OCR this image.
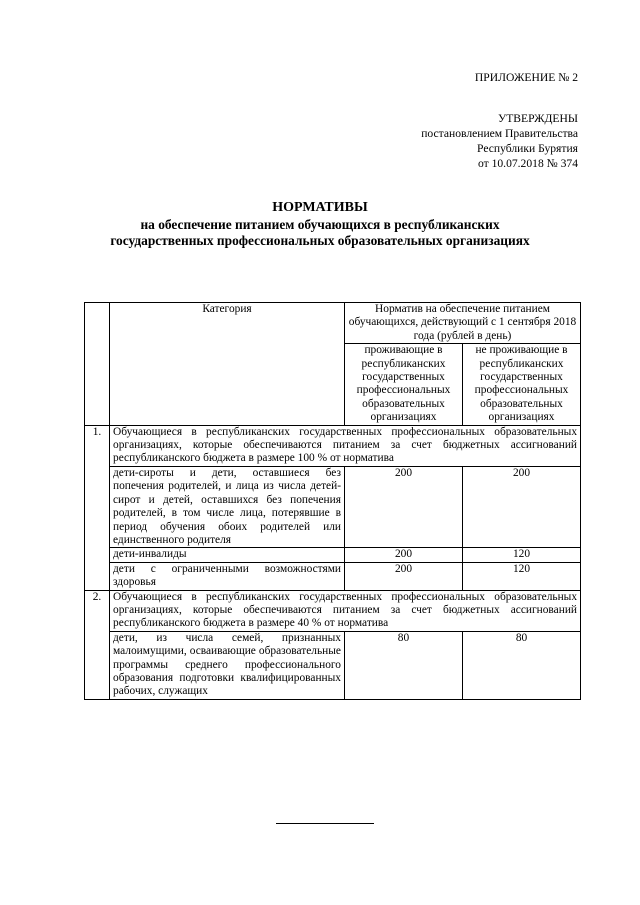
ПРИЛОЖЕНИЕ № 2
УТВЕРЖДЕНЫ
постановлением Правительства
Республики Бурятия
от 10.07.2018 № 374
НОРМАТИВЫ
на обеспечение питанием обучающихся в республиканских государственных профессиональных образовательных организациях
	Категория	Норматив на обеспечение питанием обучающихся, действующий с 1 сентября 2018 года (рублей в день)	
		проживающие в республиканских государственных профессиональных образовательных организациях	не проживающие в республиканских государственных профессиональных образовательных организациях
1.	Обучающиеся в республиканских государственных профессиональных образовательных организациях, которые обеспечиваются питанием за счет бюджетных ассигнований республиканского бюджета в размере 100 % от норматива		
	дети-сироты и дети, оставшиеся без попечения родителей, и лица из числа детей-сирот и детей, оставшихся без попечения родителей, в том числе лица, потерявшие в период обучения обоих родителей или единственного родителя	200	200
	дети-инвалиды	200	120
	дети с ограниченными возможностями здоровья	200	120
2.	Обучающиеся в республиканских государственных профессиональных образовательных организациях, которые обеспечиваются питанием за счет бюджетных ассигнований республиканского бюджета в размере 40 % от норматива		
	дети, из числа семей, признанных малоимущими, осваивающие образовательные программы среднего профессионального образования подготовки квалифицированных рабочих, служащих	80	80
